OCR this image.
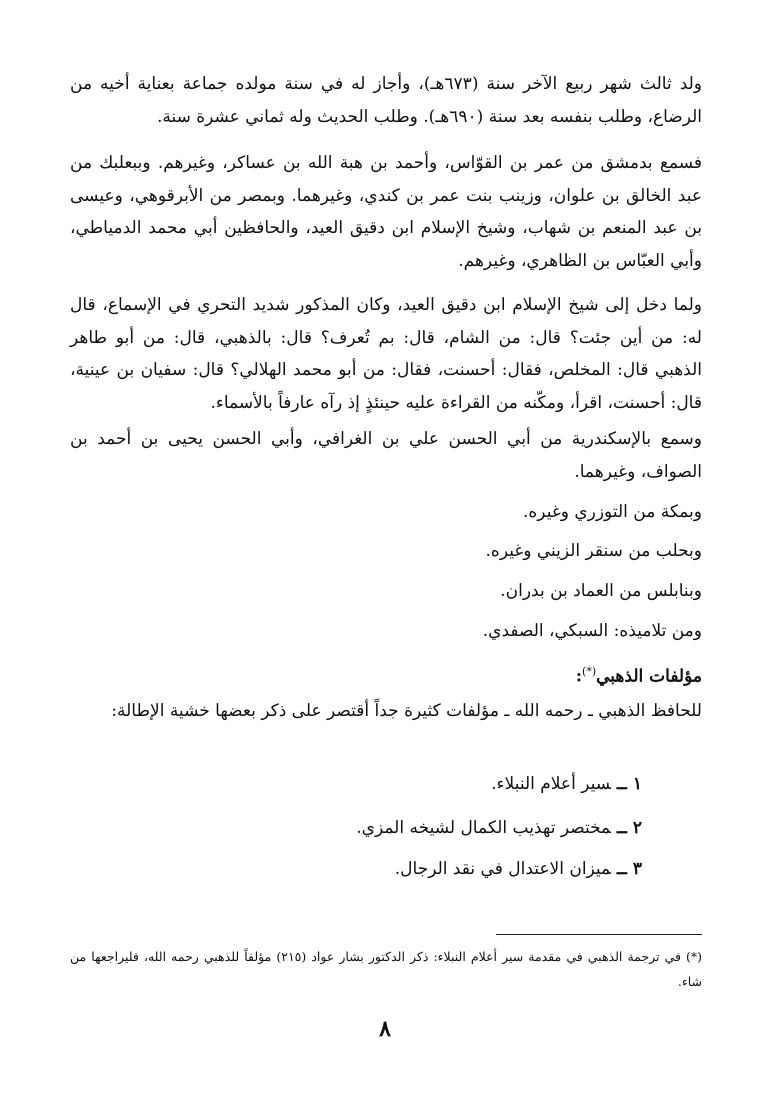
ولد ثالث شهر ربيع الآخر سنة (٦٧٣هـ)، وأجاز له في سنة مولده جماعة بعناية أخيه من الرضاع، وطلب بنفسه بعد سنة (٦٩٠هـ). وطلب الحديث وله ثماني عشرة سنة.

فسمع بدمشق من عمر بن القوّاس، وأحمد بن هبة الله بن عساكر، وغيرهم. وببعلبك من عبد الخالق بن علوان، وزينب بنت عمر بن كندي، وغيرهما. وبمصر من الأبرقوهي، وعيسى بن عبد المنعم بن شهاب، وشيخ الإسلام ابن دقيق العيد، والحافظين أبي محمد الدمياطي، وأبي العبّاس بن الظاهري، وغيرهم.

ولما دخل إلى شيخ الإسلام ابن دقيق العيد، وكان المذكور شديد التحري في الإسماع، قال له: من أين جئت؟ قال: من الشام، قال: بم تُعرف؟ قال: بالذهبي، قال: من أبو طاهر الذهبي قال: المخلص، فقال: أحسنت، فقال: من أبو محمد الهلالي؟ قال: سفيان بن عينية، قال: أحسنت، اقرأ، ومكّنه من القراءة عليه حينئذٍ إذ رآه عارفاً بالأسماء.

وسمع بالإسكندرية من أبي الحسن علي بن الغرافي، وأبي الحسن يحيى بن أحمد بن الصواف، وغيرهما.

وبمكة من التوزري وغيره.

وبحلب من سنقر الزيني وغيره.

وبنابلس من العماد بن بدران.

ومن تلاميذه: السبكي، الصفدي.

مؤلفات الذهبي(*):

للحافظ الذهبي ـ رحمه الله ـ مؤلفات كثيرة جداً أقتصر على ذكر بعضها خشية الإطالة:

١ــسير أعلام النبلاء.

٢ــمختصر تهذيب الكمال لشيخه المزي.

٣ــميزان الاعتدال في نقد الرجال.

(*) في ترجمة الذهبي في مقدمة سير أعلام النبلاء: ذكر الدكتور بشار عواد (٢١٥) مؤلفاً للذهبي رحمه الله، فليراجعها من شاء.

٨
